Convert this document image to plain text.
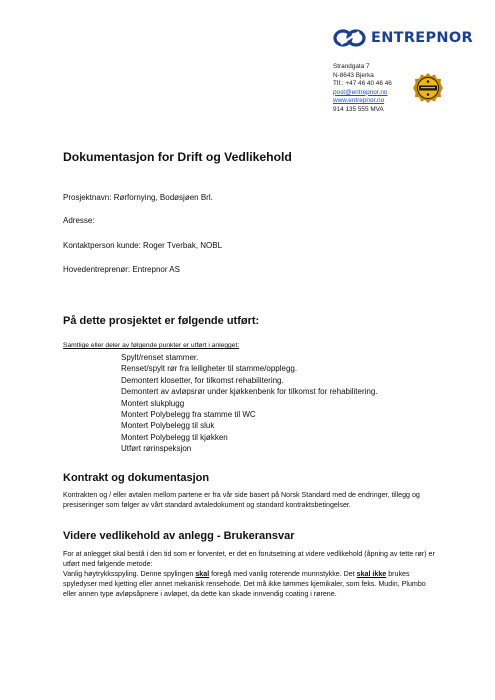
ENTREPNOR
Strandgata 7
N-8643 Bjerka
Tlf.: +47 46 40 46 46
post@entrepnor.no
www.entrepnor.no
914 135 555 MVA
Dokumentasjon for Drift og Vedlikehold

Prosjektnavn: Rørfornying, Bodøsjøen Brl.

Adresse:

Kontaktperson kunde: Roger Tverbak, NOBL

Hovedentreprenør: Entrepnor AS

På dette prosjektet er følgende utført:

Samtlige eller deler av følgende punkter er utført i anlegget:

Spylt/renset stammer.
Renset/spylt rør fra leiligheter til stamme/opplegg.
Demontert klosetter, for tilkomst rehabilitering.
Demontert av avløpsrør under kjøkkenbenk for tilkomst for rehabilitering.
Montert slukplugg
Montert Polybelegg fra stamme til WC
Montert Polybelegg til sluk
Montert Polybelegg til kjøkken
Utført rørinspeksjon
Kontrakt og dokumentasjon

Kontrakten og / eller avtalen mellom partene er fra vår side basert på Norsk Standard med de endringer, tillegg og presiseringer som følger av vårt standard avtaledokument og standard kontraktsbetingelser.

Videre vedlikehold av anlegg - Brukeransvar

For at anlegget skal bestå i den tid som er forventet, er det en forutsetning at videre vedlikehold (åpning av tette rør) er utført med følgende metode:

Vanlig høytrykksspyling. Denne spylingen skal foregå med vanlig roterende munnstykke. Det skal ikke brukes spyledyser med kjetting eller annet mekanisk rensehode. Det må ikke tømmes kjemikaler, som feks. Mudin, Plumbo eller annen type avløpsåpnere i avløpet, da dette kan skade innvendig coating i rørene.
